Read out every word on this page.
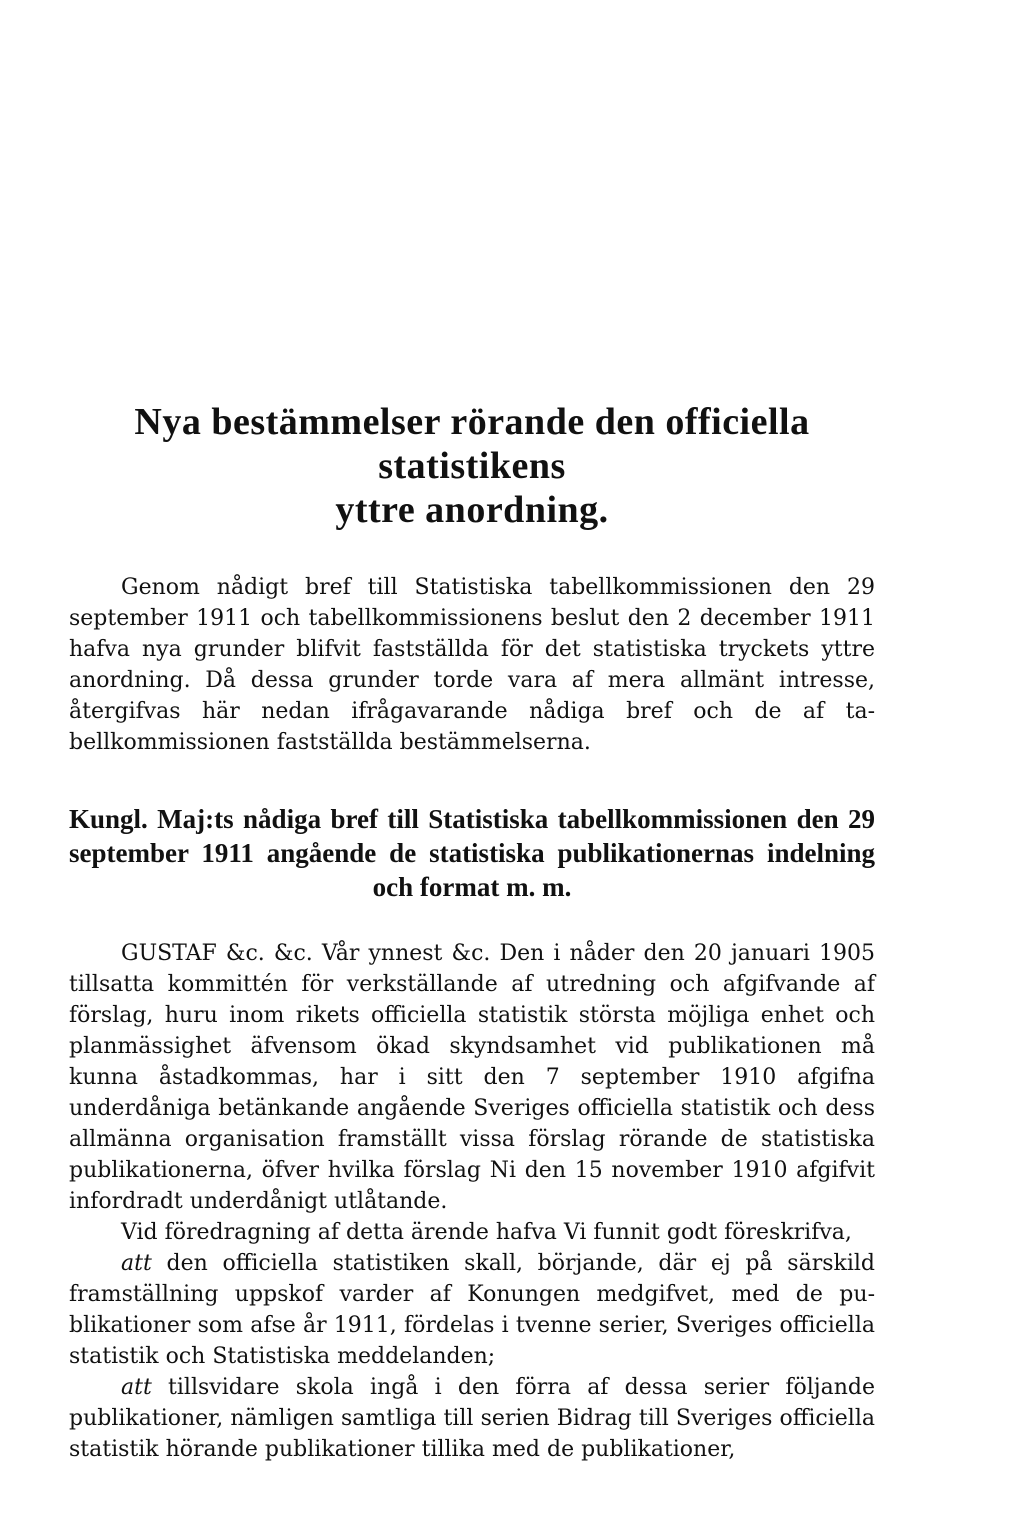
Nya bestämmelser rörande den officiella statistikens
yttre anordning.

Genom nådigt bref till Statistiska tabellkommissionen den 29 september 1911 och tabellkommissionens beslut den 2 december 1911 hafva nya grunder blifvit fastställda för det statistiska tryckets yttre anordning. Då dessa grunder torde vara af mera allmänt intresse, återgifvas här nedan ifrågavarande nådiga bref och de af tabellkommissionen fastställda bestämmelserna.

Kungl. Maj:ts nådiga bref till Statistiska tabellkommissionen den 29 september 1911 angående de statistiska publikationernas indelning och format m. m.

GUSTAF &c. &c. Vår ynnest &c. Den i nåder den 20 januari 1905 tillsatta kommittén för verkställande af utredning och afgifvande af förslag, huru inom rikets officiella statistik största möjliga enhet och planmässighet äfvensom ökad skyndsamhet vid publikationen må kunna åstadkommas, har i sitt den 7 september 1910 afgifna underdåniga betänkande angående Sveriges officiella statistik och dess allmänna organisation framställt vissa förslag rörande de statistiska publikationerna, öfver hvilka förslag Ni den 15 november 1910 afgifvit infordradt underdånigt utlåtande.

Vid föredragning af detta ärende hafva Vi funnit godt föreskrifva,

att den officiella statistiken skall, börjande, där ej på särskild framställning uppskof varder af Konungen medgifvet, med de publikationer som afse år 1911, fördelas i tvenne serier, Sveriges officiella statistik och Statistiska meddelanden;

att tillsvidare skola ingå i den förra af dessa serier följande publikationer, nämligen samtliga till serien Bidrag till Sveriges officiella statistik hörande publikationer tillika med de publikationer,
